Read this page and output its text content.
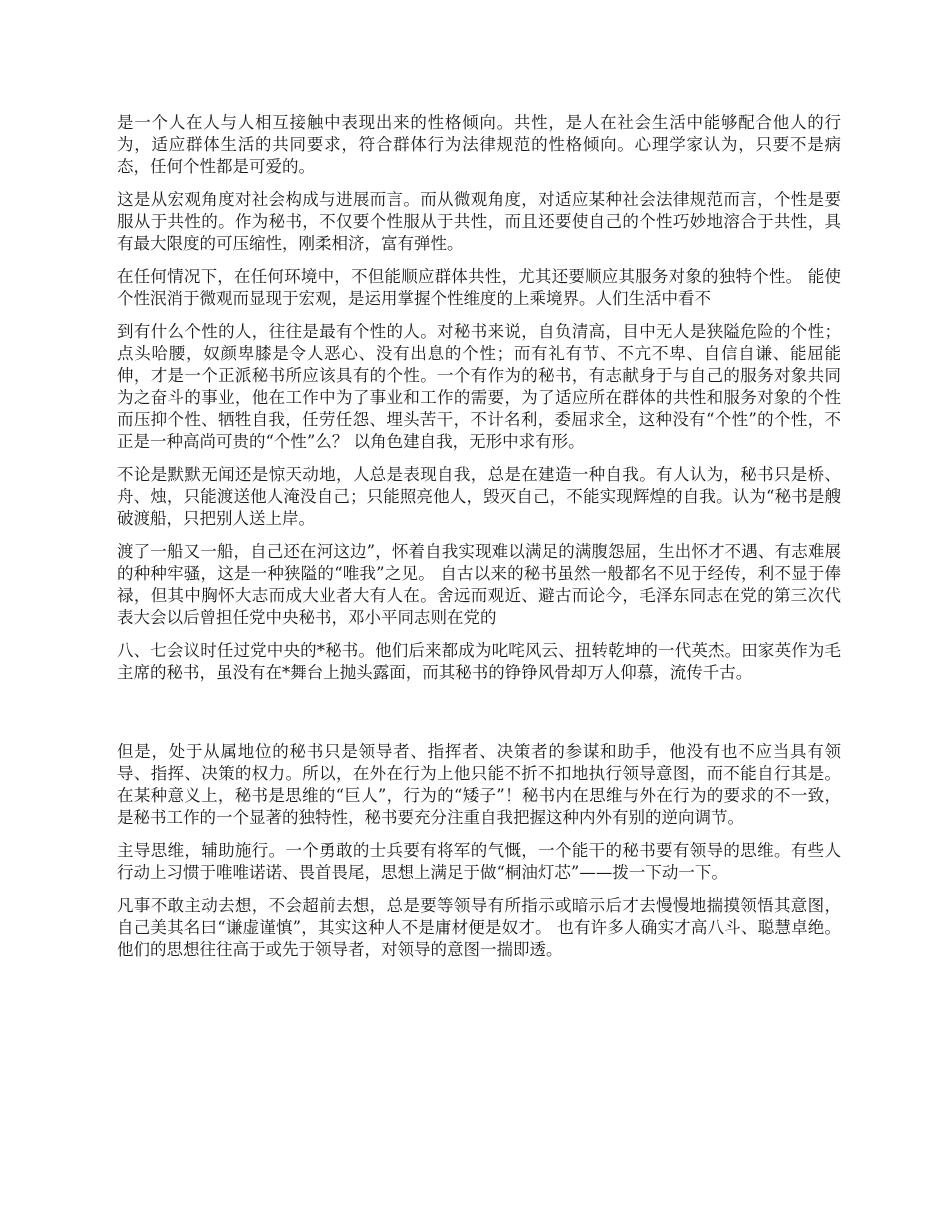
是一个人在人与人相互接触中表现出来的性格倾向。共性，是人在社会生活中能够配合他人的行为，适应群体生活的共同要求，符合群体行为法律规范的性格倾向。心理学家认为，只要不是病态，任何个性都是可爱的。

这是从宏观角度对社会构成与进展而言。而从微观角度，对适应某种社会法律规范而言，个性是要服从于共性的。作为秘书，不仅要个性服从于共性，而且还要使自己的个性巧妙地溶合于共性，具有最大限度的可压缩性，刚柔相济，富有弹性。

在任何情况下，在任何环境中，不但能顺应群体共性，尤其还要顺应其服务对象的独特个性。 能使个性泯消于微观而显现于宏观，是运用掌握个性维度的上乘境界。人们生活中看不

到有什么个性的人，往往是最有个性的人。对秘书来说，自负清高，目中无人是狭隘危险的个性；点头哈腰，奴颜卑膝是令人恶心、没有出息的个性；而有礼有节、不亢不卑、自信自谦、能屈能伸，才是一个正派秘书所应该具有的个性。一个有作为的秘书，有志献身于与自己的服务对象共同为之奋斗的事业，他在工作中为了事业和工作的需要，为了适应所在群体的共性和服务对象的个性而压抑个性、牺牲自我，任劳任怨、埋头苦干，不计名利，委屈求全，这种没有“个性”的个性，不正是一种高尚可贵的“个性”么？ 以角色建自我，无形中求有形。

不论是默默无闻还是惊天动地，人总是表现自我，总是在建造一种自我。有人认为，秘书只是桥、舟、烛，只能渡送他人淹没自己；只能照亮他人，毁灭自己，不能实现辉煌的自我。认为“秘书是艘破渡船，只把别人送上岸。

渡了一船又一船，自己还在河这边”，怀着自我实现难以满足的满腹怨屈，生出怀才不遇、有志难展的种种牢骚，这是一种狭隘的“唯我”之见。 自古以来的秘书虽然一般都名不见于经传，利不显于俸禄，但其中胸怀大志而成大业者大有人在。舍远而观近、避古而论今，毛泽东同志在党的第三次代表大会以后曾担任党中央秘书，邓小平同志则在党的

八、七会议时任过党中央的*秘书。他们后来都成为叱咤风云、扭转乾坤的一代英杰。田家英作为毛主席的秘书，虽没有在*舞台上抛头露面，而其秘书的铮铮风骨却万人仰慕，流传千古。

但是，处于从属地位的秘书只是领导者、指挥者、决策者的参谋和助手，他没有也不应当具有领导、指挥、决策的权力。所以，在外在行为上他只能不折不扣地执行领导意图，而不能自行其是。在某种意义上，秘书是思维的“巨人”，行为的“矮子”！秘书内在思维与外在行为的要求的不一致，是秘书工作的一个显著的独特性，秘书要充分注重自我把握这种内外有别的逆向调节。

主导思维，辅助施行。一个勇敢的士兵要有将军的气慨，一个能干的秘书要有领导的思维。有些人行动上习惯于唯唯诺诺、畏首畏尾，思想上满足于做“桐油灯芯”——拨一下动一下。

凡事不敢主动去想，不会超前去想，总是要等领导有所指示或暗示后才去慢慢地揣摸领悟其意图，自己美其名曰“谦虚谨慎”，其实这种人不是庸材便是奴才。 也有许多人确实才高八斗、聪慧卓绝。他们的思想往往高于或先于领导者，对领导的意图一揣即透。
